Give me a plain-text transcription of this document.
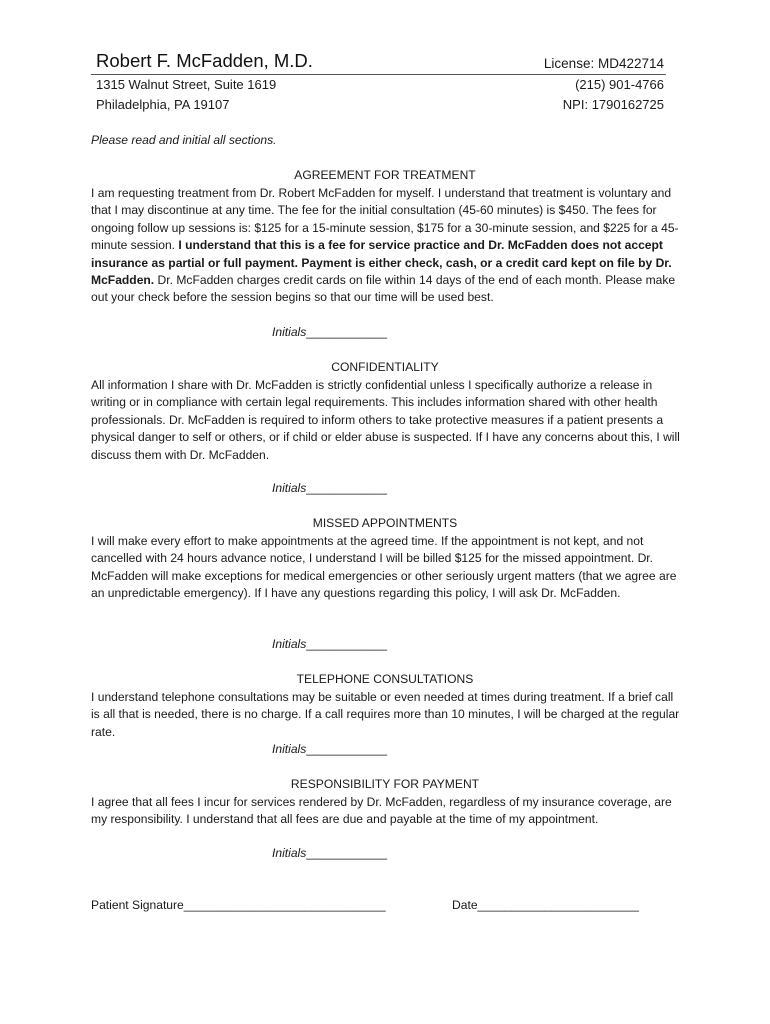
Robert F. McFadden, M.D.	License: MD422714
1315 Walnut Street, Suite 1619	(215) 901-4766
Philadelphia, PA 19107	NPI: 1790162725
Please read and initial all sections.
AGREEMENT FOR TREATMENT
I am requesting treatment from Dr. Robert McFadden for myself. I understand that treatment is voluntary and that I may discontinue at any time. The fee for the initial consultation (45-60 minutes) is $450. The fees for ongoing follow up sessions is: $125 for a 15-minute session, $175 for a 30-minute session, and $225 for a 45-minute session. I understand that this is a fee for service practice and Dr. McFadden does not accept insurance as partial or full payment. Payment is either check, cash, or a credit card kept on file by Dr. McFadden. Dr. McFadden charges credit cards on file within 14 days of the end of each month. Please make out your check before the session begins so that our time will be used best.
Initials____________
CONFIDENTIALITY
All information I share with Dr. McFadden is strictly confidential unless I specifically authorize a release in writing or in compliance with certain legal requirements. This includes information shared with other health professionals. Dr. McFadden is required to inform others to take protective measures if a patient presents a physical danger to self or others, or if child or elder abuse is suspected. If I have any concerns about this, I will discuss them with Dr. McFadden.
Initials____________
MISSED APPOINTMENTS
I will make every effort to make appointments at the agreed time. If the appointment is not kept, and not cancelled with 24 hours advance notice, I understand I will be billed $125 for the missed appointment. Dr. McFadden will make exceptions for medical emergencies or other seriously urgent matters (that we agree are an unpredictable emergency). If I have any questions regarding this policy, I will ask Dr. McFadden.
Initials____________
TELEPHONE CONSULTATIONS
I understand telephone consultations may be suitable or even needed at times during treatment. If a brief call is all that is needed, there is no charge. If a call requires more than 10 minutes, I will be charged at the regular rate.
Initials____________
RESPONSIBILITY FOR PAYMENT
I agree that all fees I incur for services rendered by Dr. McFadden, regardless of my insurance coverage, are my responsibility. I understand that all fees are due and payable at the time of my appointment.
Initials____________
Patient Signature______________________________	Date________________________
